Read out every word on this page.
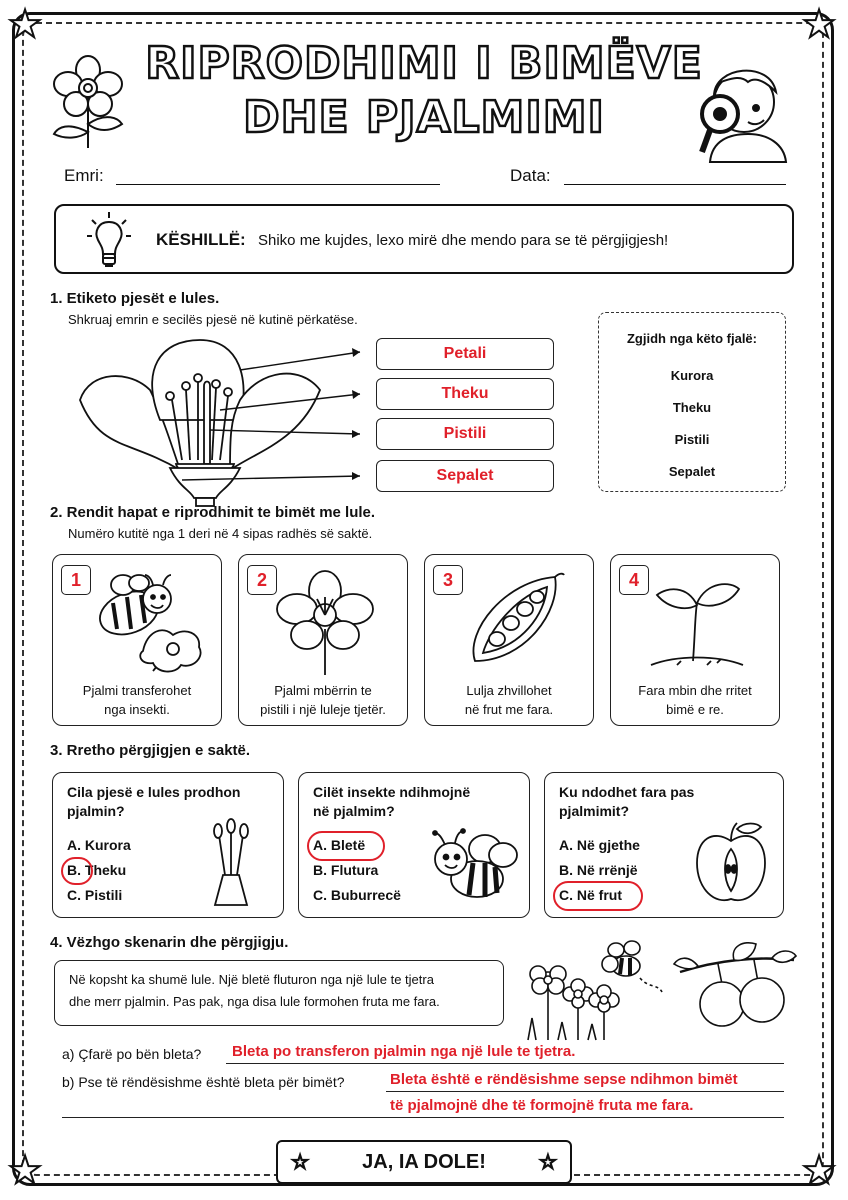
★	★
★	★
RIPRODHIMI I BIMËVE
DHE PJALMIMI
Emri:	Data:
KËSHILLË: Shiko me kujdes, lexo mirë dhe mendo para se të përgjigjesh!
1. Etiketo pjesët e lules.
Shkruaj emrin e secilës pjesë në kutinë përkatëse.
Petali
Theku
Pistili
Sepalet
Zgjidh nga këto fjalë:
Kurora
Theku
Pistili
Sepalet
2. Rendit hapat e riprodhimit te bimët me lule.
Numëro kutitë nga 1 deri në 4 sipas radhës së saktë.
1
Pjalmi transferohet
nga insekti.
2
Pjalmi mbërrin te
pistili i një luleje tjetër.
3
Lulja zhvillohet
në frut me fara.
4
Fara mbin dhe rritet
bimë e re.
3. Rretho përgjigjen e saktë.
Cila pjesë e lules prodhon
pjalmin?
A. Kurora
B. Theku
C. Pistili
Cilët insekte ndihmojnë
në pjalmim?
A. Bletë
B. Flutura
C. Buburrecë
Ku ndodhet fara pas
pjalmimit?
A. Në gjethe
B. Në rrënjë
C. Në frut
4. Vëzhgo skenarin dhe përgjigju.
Në kopsht ka shumë lule. Një bletë fluturon nga një lule te tjetra
dhe merr pjalmin. Pas pak, nga disa lule formohen fruta me fara.
a) Çfarë po bën bleta? Bleta po transferon pjalmin nga një lule te tjetra.
b) Pse të rëndësishme është bleta për bimët?	Bleta është e rëndësishme sepse ndihmon bimët
të pjalmojnë dhe të formojnë fruta me fara.
★	JA, IA DOLE!	★
